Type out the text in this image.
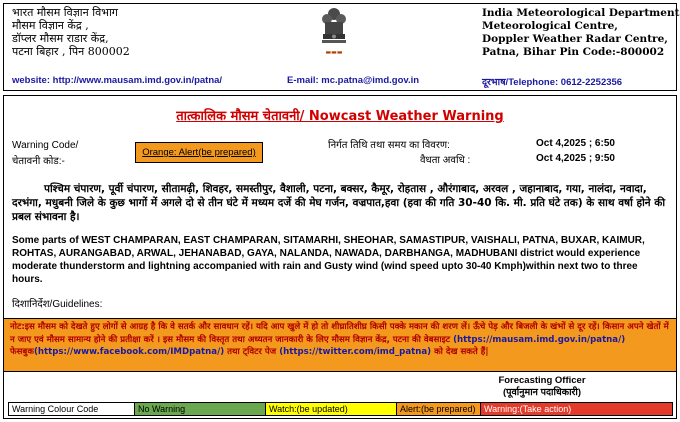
भारत मौसम विज्ञान विभाग
मौसम विज्ञान केंद्र ,
डॉप्लर मौसम राडार केंद्र,
पटना बिहार , पिन 800002	▬▬▬
India Meteorological Department
Meteorological Centre,
Doppler Weather Radar Centre,
Patna, Bihar Pin Code:-800002
website: http://www.mausam.imd.gov.in/patna/	E-mail: mc.patna@imd.gov.in	दूरभाष/Telephone: 0612-2252356
तात्कालिक मौसम चेतावनी/ Nowcast Weather Warning
Warning Code/
चेतावनी कोड:-
Orange: Alert(be prepared)
निर्गत तिथि तथा समय का विवरण:	Oct 4,2025 ; 6:50
वैधता अवधि :	Oct 4,2025 ; 9:50
पश्चिम चंपारण, पूर्वी चंपारण, सीतामढ़ी, शिवहर, समस्तीपुर, वैशाली, पटना, बक्सर, कैमूर, रोहतास , औरंगाबाद, अरवल , जहानाबाद, गया, नालंदा, नवादा, दरभंगा, मधुबनी जिले के कुछ भागों में अगले दो से तीन घंटे में मध्यम दर्जे की मेघ गर्जन, वज्रपात,हवा (हवा की गति 30-40 कि. मी. प्रति घंटे तक) के साथ वर्षा होने की प्रबल संभावना है।
Some parts of WEST CHAMPARAN, EAST CHAMPARAN, SITAMARHI, SHEOHAR, SAMASTIPUR, VAISHALI, PATNA, BUXAR, KAIMUR, ROHTAS, AURANGABAD, ARWAL, JEHANABAD, GAYA, NALANDA, NAWADA, DARBHANGA, MADHUBANI district would experience moderate thunderstorm and lightning accompanied with rain and Gusty wind (wind speed upto 30-40 Kmph)within next two to three hours.
दिशानिर्देश/Guidelines:
नोट:इस मौसम को देखते हुए लोगों से आग्रह है कि वे सतर्क और सावधान रहें। यदि आप खुले में हो तो शीघ्रातिशीघ्र किसी पक्के मकान की शरण लें। ऊँचे पेड़ और बिजली के खंभों से दूर रहें। किसान अपने खेतों में न जाए एवं मौसम सामान्य होने की प्रतीक्षा करें । इस मौसम की विस्तृत तथा अध्यतन जानकारी के लिए मौसम विज्ञान केंद्र, पटना की वेबसाइट (https://mausam.imd.gov.in/patna/) फेसबुक(https://www.facebook.com/IMDpatna/) तथा ट्विटर पेज (https://twitter.com/imd_patna) को देख सकते हैं|
Forecasting Officer
(पूर्वानुमान पदाधिकारी)
Warning Colour Code	No Warning	Watch:(be updated)	Alert:(be prepared) Warning:(Take action)
